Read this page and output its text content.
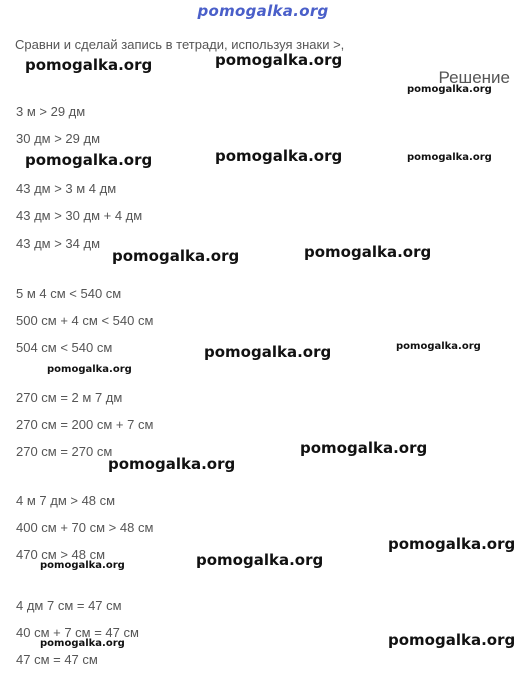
pomogalka.org
Сравни и сделай запись в тетради, используя знаки >,
Решение
3 м > 29 дм
30 дм > 29 дм
43 дм > 3 м 4 дм
43 дм > 30 дм + 4 дм
43 дм > 34 дм
5 м 4 см < 540 см
500 см + 4 см < 540 см
504 см < 540 см
270 см = 2 м 7 дм
270 см = 200 см + 7 см
270 см = 270 см
4 м 7 дм > 48 см
400 см + 70 см > 48 см
470 см > 48 см
4 дм 7 см = 47 см
40 см + 7 см = 47 см
47 см = 47 см
pomogalka.org	pomogalka.org
pomogalka.org
pomogalka.org	pomogalka.org	pomogalka.org
pomogalka.org	pomogalka.org
pomogalka.org	pomogalka.org
pomogalka.org
pomogalka.org
pomogalka.org
pomogalka.org
pomogalka.org
pomogalka.org
pomogalka.org
pomogalka.org
